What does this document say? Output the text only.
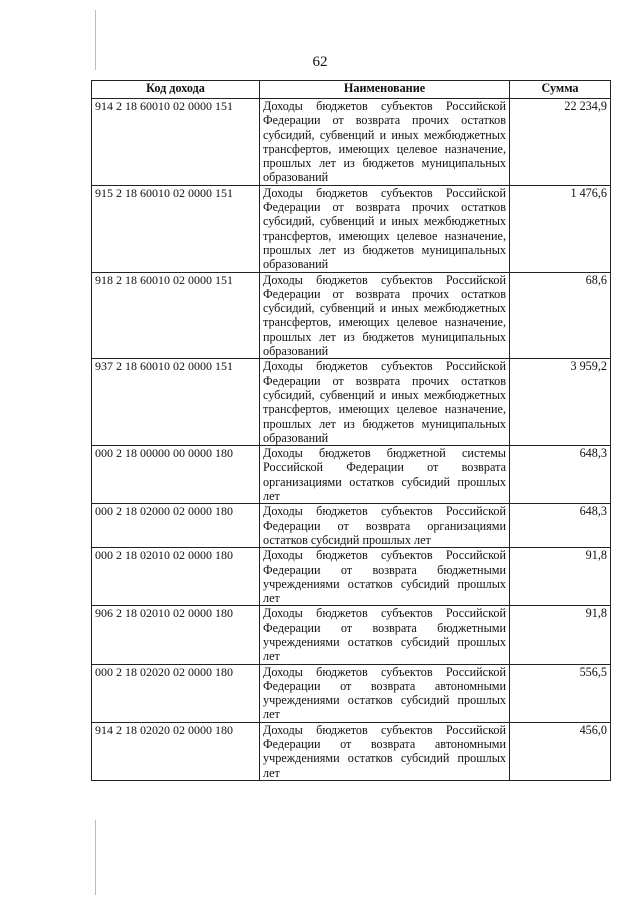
62
Код дохода	Наименование	Сумма
914 2 18 60010 02 0000 151	Доходы бюджетов субъектов Российской Федерации от возврата прочих остатков субсидий, субвенций и иных межбюджетных трансфертов, имеющих целевое назначение, прошлых лет из бюджетов муниципальных образований	22 234,9
915 2 18 60010 02 0000 151	Доходы бюджетов субъектов Российской Федерации от возврата прочих остатков субсидий, субвенций и иных межбюджетных трансфертов, имеющих целевое назначение, прошлых лет из бюджетов муниципальных образований	1 476,6
918 2 18 60010 02 0000 151	Доходы бюджетов субъектов Российской Федерации от возврата прочих остатков субсидий, субвенций и иных межбюджетных трансфертов, имеющих целевое назначение, прошлых лет из бюджетов муниципальных образований	68,6
937 2 18 60010 02 0000 151	Доходы бюджетов субъектов Российской Федерации от возврата прочих остатков субсидий, субвенций и иных межбюджетных трансфертов, имеющих целевое назначение, прошлых лет из бюджетов муниципальных образований	3 959,2
000 2 18 00000 00 0000 180	Доходы бюджетов бюджетной системы Российской Федерации от возврата организациями остатков субсидий прошлых лет	648,3
000 2 18 02000 02 0000 180	Доходы бюджетов субъектов Российской Федерации от возврата организациями остатков субсидий прошлых лет	648,3
000 2 18 02010 02 0000 180	Доходы бюджетов субъектов Российской Федерации от возврата бюджетными учреждениями остатков субсидий прошлых лет	91,8
906 2 18 02010 02 0000 180	Доходы бюджетов субъектов Российской Федерации от возврата бюджетными учреждениями остатков субсидий прошлых лет	91,8
000 2 18 02020 02 0000 180	Доходы бюджетов субъектов Российской Федерации от возврата автономными учреждениями остатков субсидий прошлых лет	556,5
914 2 18 02020 02 0000 180	Доходы бюджетов субъектов Российской Федерации от возврата автономными учреждениями остатков субсидий прошлых лет	456,0
